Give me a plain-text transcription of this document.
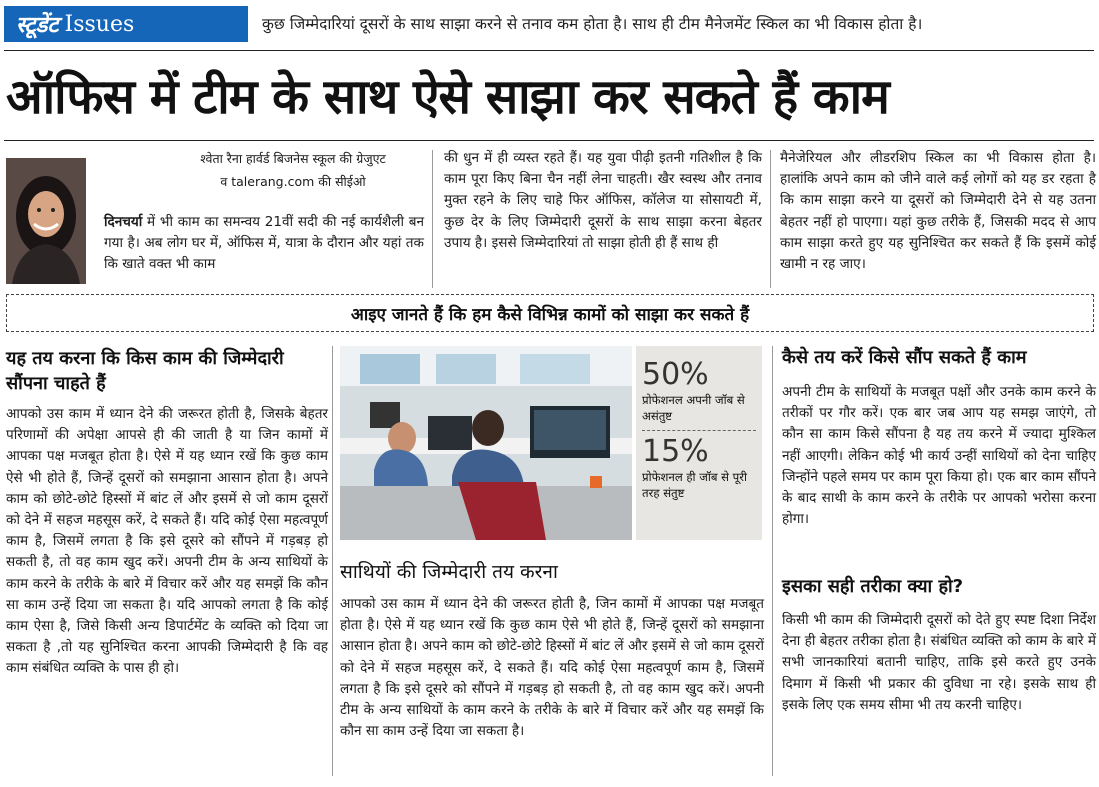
स्टूडेंट Issues	कुछ जिम्मेदारियां दूसरों के साथ साझा करने से तनाव कम होता है। साथ ही टीम मैनेजमेंट स्किल का भी विकास होता है।
ऑफिस में टीम के साथ ऐसे साझा कर सकते हैं काम
श्वेता रैना हार्वर्ड बिजनेस स्कूल की ग्रेजुएट
व talerang.com की सीईओ
दिनचर्या में भी काम का समन्वय 21वीं सदी की नई कार्यशैली बन गया है। अब लोग घर में, ऑफिस में, यात्रा के दौरान और यहां तक कि खाते वक्त भी काम
की धुन में ही व्यस्त रहते हैं। यह युवा पीढ़ी इतनी गतिशील है कि काम पूरा किए बिना चैन नहीं लेना चाहती। खैर स्वस्थ और तनाव मुक्त रहने के लिए चाहे फिर ऑफिस, कॉलेज या सोसायटी में, कुछ देर के लिए जिम्मेदारी दूसरों के साथ साझा करना बेहतर उपाय है। इससे जिम्मेदारियां तो साझा होती ही हैं साथ ही
मैनेजेरियल और लीडरशिप स्किल का भी विकास होता है। हालांकि अपने काम को जीने वाले कई लोगों को यह डर रहता है कि काम साझा करने या दूसरों को जिम्मेदारी देने से यह उतना बेहतर नहीं हो पाएगा। यहां कुछ तरीके हैं, जिसकी मदद से आप काम साझा करते हुए यह सुनिश्चित कर सकते हैं कि इसमें कोई खामी न रह जाए।
आइए जानते हैं कि हम कैसे विभिन्न कामों को साझा कर सकते हैं
यह तय करना कि किस काम की जिम्मेदारी सौंपना चाहते हैं
आपको उस काम में ध्यान देने की जरूरत होती है, जिसके बेहतर परिणामों की अपेक्षा आपसे ही की जाती है या जिन कामों में आपका पक्ष मजबूत होता है। ऐसे में यह ध्यान रखें कि कुछ काम ऐसे भी होते हैं, जिन्हें दूसरों को समझाना आसान होता है। अपने काम को छोटे-छोटे हिस्सों में बांट लें और इसमें से जो काम दूसरों को देने में सहज महसूस करें, दे सकते हैं। यदि कोई ऐसा महत्वपूर्ण काम है, जिसमें लगता है कि इसे दूसरे को सौंपने में गड़बड़ हो सकती है, तो वह काम खुद करें। अपनी टीम के अन्य साथियों के काम करने के तरीके के बारे में विचार करें और यह समझें कि कौन सा काम उन्हें दिया जा सकता है। यदि आपको लगता है कि कोई काम ऐसा है, जिसे किसी अन्य डिपार्टमेंट के व्यक्ति को दिया जा सकता है ,तो यह सुनिश्चित करना आपकी जिम्मेदारी है कि वह काम संबंधित व्यक्ति के पास ही हो।
50%
प्रोफेशनल अपनी जॉब से असंतुष्ट
15%
प्रोफेशनल ही जॉब से पूरी तरह संतुष्ट
साथियों की जिम्मेदारी तय करना
आपको उस काम में ध्यान देने की जरूरत होती है, जिन कामों में आपका पक्ष मजबूत होता है। ऐसे में यह ध्यान रखें कि कुछ काम ऐसे भी होते हैं, जिन्हें दूसरों को समझाना आसान होता है। अपने काम को छोटे-छोटे हिस्सों में बांट लें और इसमें से जो काम दूसरों को देने में सहज महसूस करें, दे सकते हैं। यदि कोई ऐसा महत्वपूर्ण काम है, जिसमें लगता है कि इसे दूसरे को सौंपने में गड़बड़ हो सकती है, तो वह काम खुद करें। अपनी टीम के अन्य साथियों के काम करने के तरीके के बारे में विचार करें और यह समझें कि कौन सा काम उन्हें दिया जा सकता है।
कैसे तय करें किसे सौंप सकते हैं काम
अपनी टीम के साथियों के मजबूत पक्षों और उनके काम करने के तरीकों पर गौर करें। एक बार जब आप यह समझ जाएंगे, तो कौन सा काम किसे सौंपना है यह तय करने में ज्यादा मुश्किल नहीं आएगी। लेकिन कोई भी कार्य उन्हीं साथियों को देना चाहिए जिन्होंने पहले समय पर काम पूरा किया हो। एक बार काम सौंपने के बाद साथी के काम करने के तरीके पर आपको भरोसा करना होगा।
इसका सही तरीका क्या हो?
किसी भी काम की जिम्मेदारी दूसरों को देते हुए स्पष्ट दिशा निर्देश देना ही बेहतर तरीका होता है। संबंधित व्यक्ति को काम के बारे में सभी जानकारियां बतानी चाहिए, ताकि इसे करते हुए उनके दिमाग में किसी भी प्रकार की दुविधा ना रहे। इसके साथ ही इसके लिए एक समय सीमा भी तय करनी चाहिए।
